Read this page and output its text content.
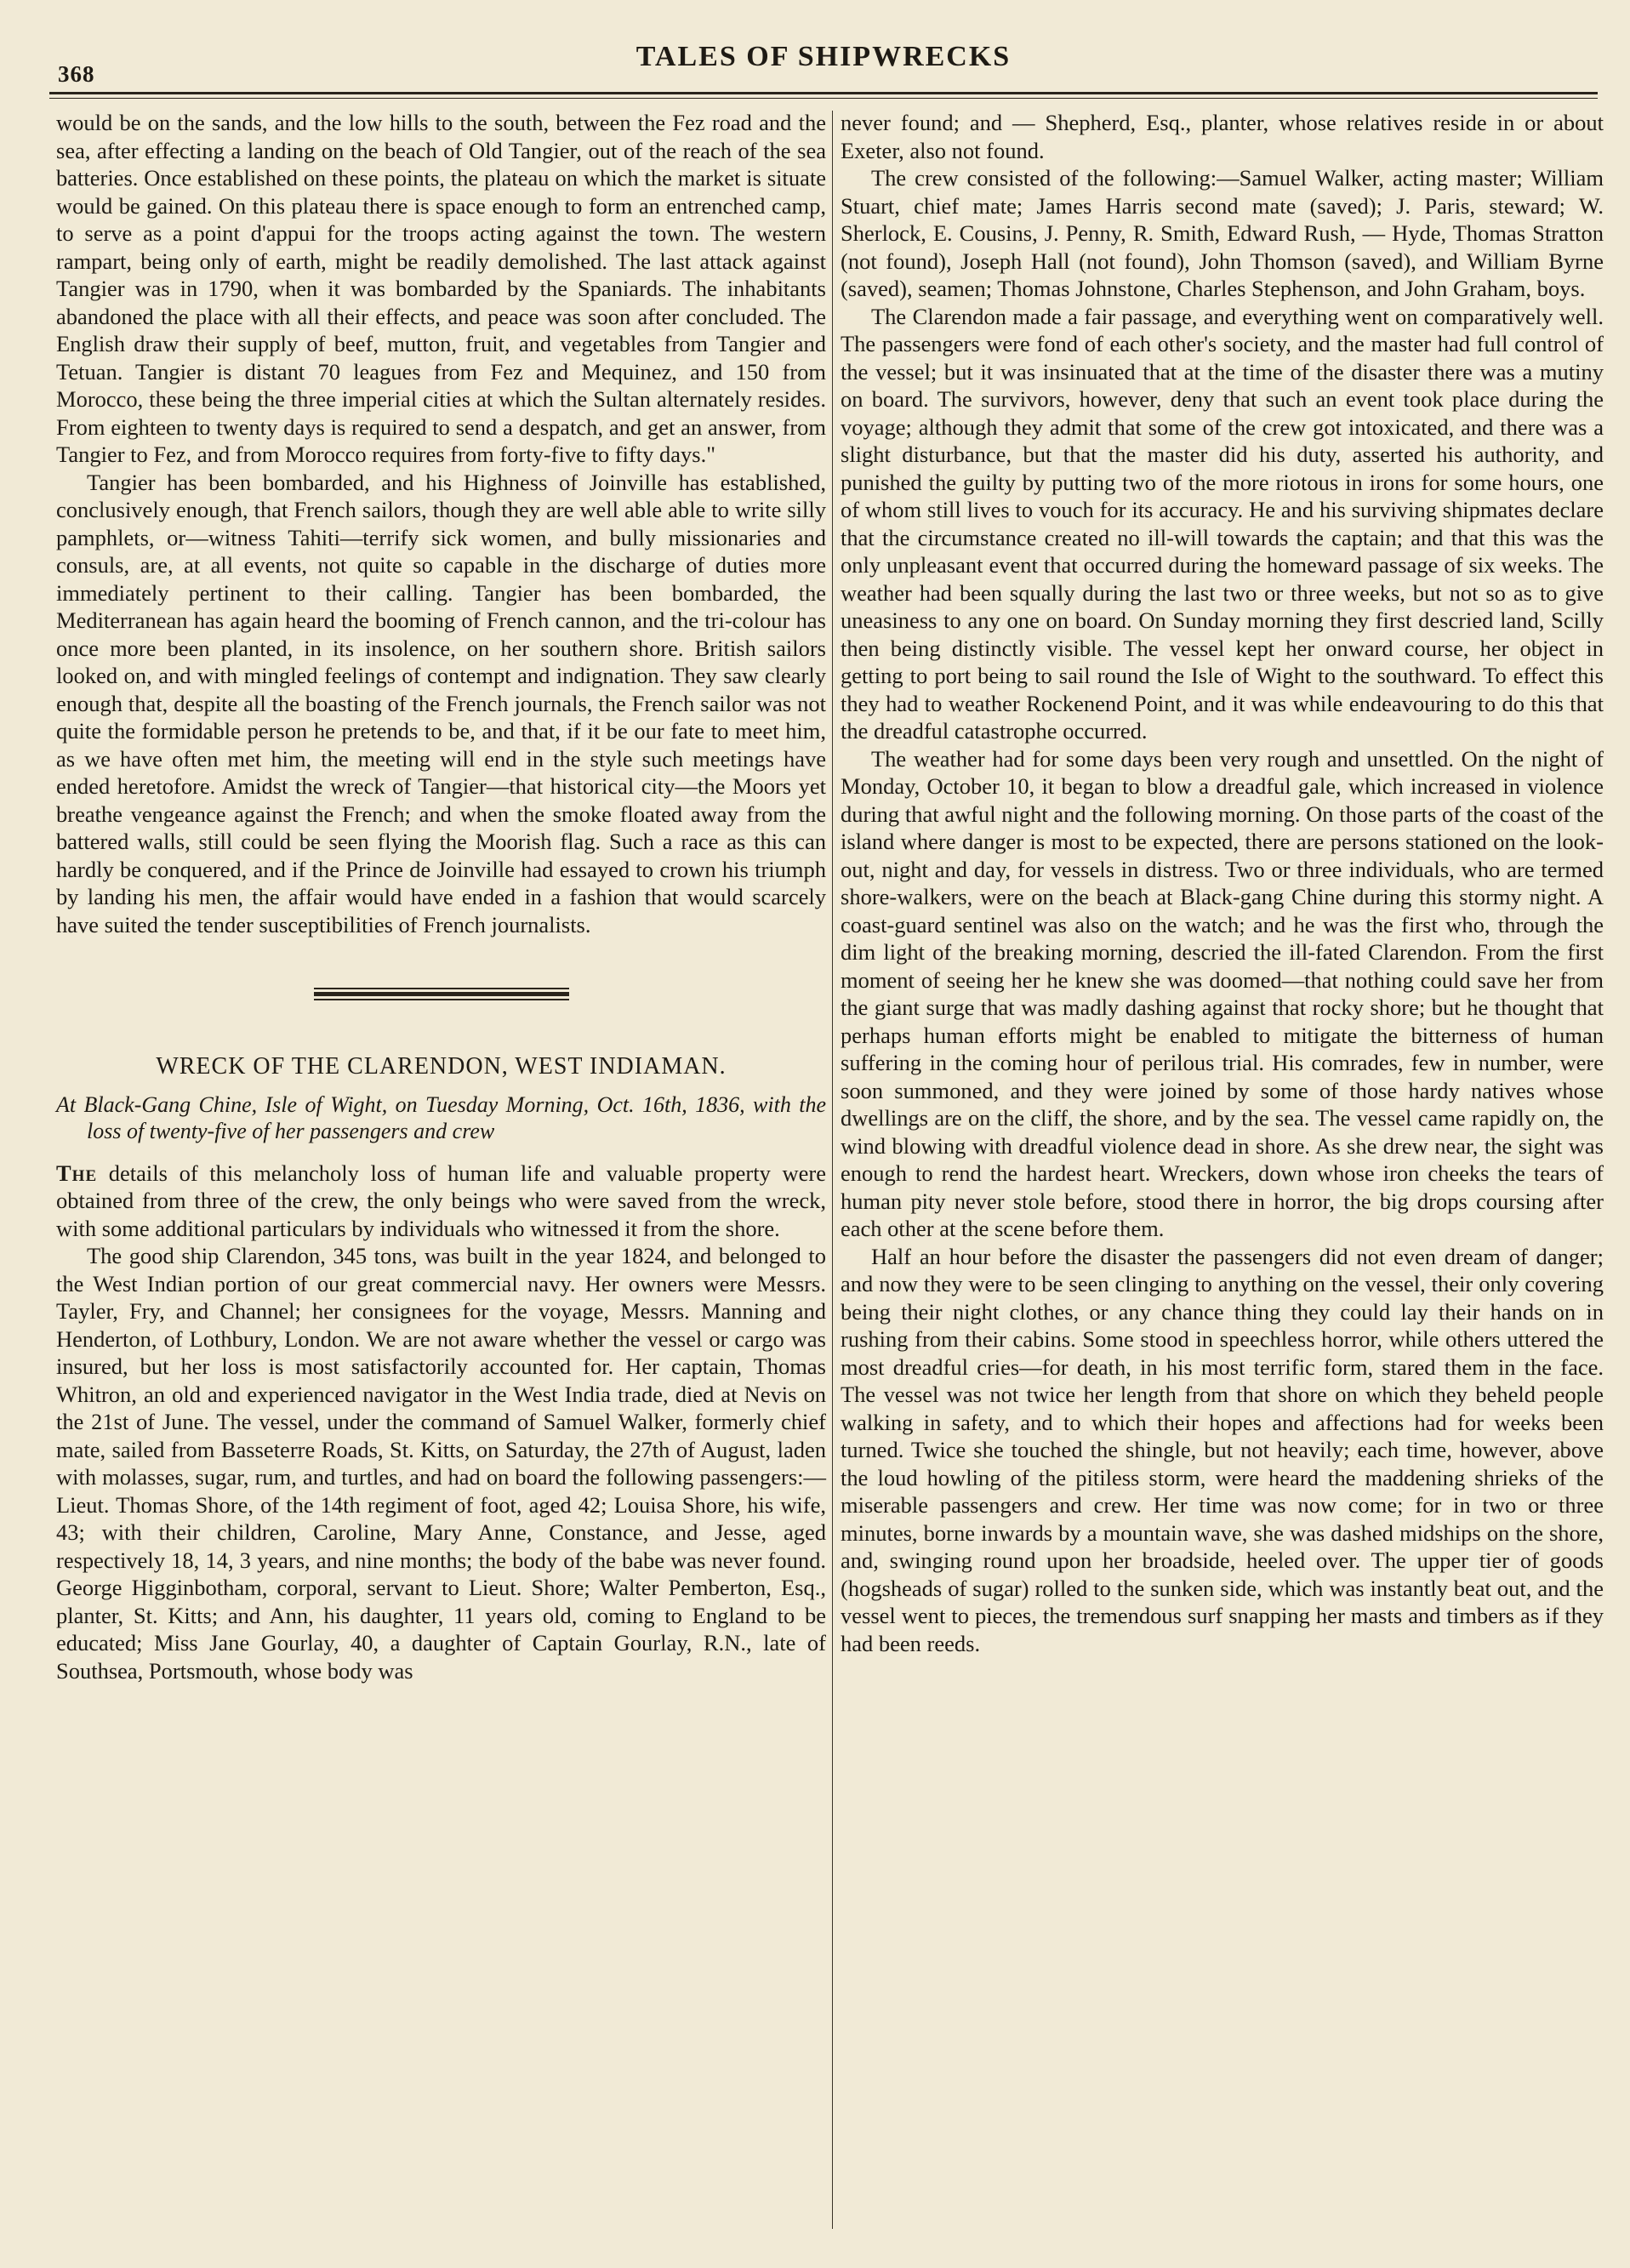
368
TALES OF SHIPWRECKS

would be on the sands, and the low hills to the south, between the Fez road and the sea, after effecting a landing on the beach of Old Tangier, out of the reach of the sea batteries. Once established on these points, the plateau on which the market is situate would be gained. On this plateau there is space enough to form an entrenched camp, to serve as a point d'appui for the troops acting against the town. The western rampart, being only of earth, might be readily demolished. The last attack against Tangier was in 1790, when it was bombarded by the Spaniards. The inhabitants abandoned the place with all their effects, and peace was soon after concluded. The English draw their supply of beef, mutton, fruit, and vegetables from Tangier and Tetuan. Tangier is distant 70 leagues from Fez and Mequinez, and 150 from Morocco, these being the three imperial cities at which the Sultan alternately resides. From eighteen to twenty days is required to send a despatch, and get an answer, from Tangier to Fez, and from Morocco requires from forty-five to fifty days."

Tangier has been bombarded, and his Highness of Joinville has established, conclusively enough, that French sailors, though they are well able able to write silly pamphlets, or—witness Tahiti—terrify sick women, and bully missionaries and consuls, are, at all events, not quite so capable in the discharge of duties more immediately pertinent to their calling. Tangier has been bombarded, the Mediterranean has again heard the booming of French cannon, and the tri-colour has once more been planted, in its insolence, on her southern shore. British sailors looked on, and with mingled feelings of contempt and indignation. They saw clearly enough that, despite all the boasting of the French journals, the French sailor was not quite the formidable person he pretends to be, and that, if it be our fate to meet him, as we have often met him, the meeting will end in the style such meetings have ended heretofore. Amidst the wreck of Tangier—that historical city—the Moors yet breathe vengeance against the French; and when the smoke floated away from the battered walls, still could be seen flying the Moorish flag. Such a race as this can hardly be conquered, and if the Prince de Joinville had essayed to crown his triumph by landing his men, the affair would have ended in a fashion that would scarcely have suited the tender susceptibilities of French journalists.

WRECK OF THE CLARENDON, WEST INDIAMAN.
At Black-Gang Chine, Isle of Wight, on Tuesday Morning, Oct. 16th, 1836, with the loss of twenty-five of her passengers and crew

The details of this melancholy loss of human life and valuable property were obtained from three of the crew, the only beings who were saved from the wreck, with some additional particulars by individuals who witnessed it from the shore.

The good ship Clarendon, 345 tons, was built in the year 1824, and belonged to the West Indian portion of our great commercial navy. Her owners were Messrs. Tayler, Fry, and Channel; her consignees for the voyage, Messrs. Manning and Henderton, of Lothbury, London. We are not aware whether the vessel or cargo was insured, but her loss is most satisfactorily accounted for. Her captain, Thomas Whitron, an old and experienced navigator in the West India trade, died at Nevis on the 21st of June. The vessel, under the command of Samuel Walker, formerly chief mate, sailed from Basseterre Roads, St. Kitts, on Saturday, the 27th of August, laden with molasses, sugar, rum, and turtles, and had on board the following passengers:—Lieut. Thomas Shore, of the 14th regiment of foot, aged 42; Louisa Shore, his wife, 43; with their children, Caroline, Mary Anne, Constance, and Jesse, aged respectively 18, 14, 3 years, and nine months; the body of the babe was never found. George Higginbotham, corporal, servant to Lieut. Shore; Walter Pemberton, Esq., planter, St. Kitts; and Ann, his daughter, 11 years old, coming to England to be educated; Miss Jane Gourlay, 40, a daughter of Captain Gourlay, R.N., late of Southsea, Portsmouth, whose body was

never found; and — Shepherd, Esq., planter, whose relatives reside in or about Exeter, also not found.

The crew consisted of the following:—Samuel Walker, acting master; William Stuart, chief mate; James Harris second mate (saved); J. Paris, steward; W. Sherlock, E. Cousins, J. Penny, R. Smith, Edward Rush, — Hyde, Thomas Stratton (not found), Joseph Hall (not found), John Thomson (saved), and William Byrne (saved), seamen; Thomas Johnstone, Charles Stephenson, and John Graham, boys.

The Clarendon made a fair passage, and everything went on comparatively well. The passengers were fond of each other's society, and the master had full control of the vessel; but it was insinuated that at the time of the disaster there was a mutiny on board. The survivors, however, deny that such an event took place during the voyage; although they admit that some of the crew got intoxicated, and there was a slight disturbance, but that the master did his duty, asserted his authority, and punished the guilty by putting two of the more riotous in irons for some hours, one of whom still lives to vouch for its accuracy. He and his surviving shipmates declare that the circumstance created no ill-will towards the captain; and that this was the only unpleasant event that occurred during the homeward passage of six weeks. The weather had been squally during the last two or three weeks, but not so as to give uneasiness to any one on board. On Sunday morning they first descried land, Scilly then being distinctly visible. The vessel kept her onward course, her object in getting to port being to sail round the Isle of Wight to the southward. To effect this they had to weather Rockenend Point, and it was while endeavouring to do this that the dreadful catastrophe occurred.

The weather had for some days been very rough and unsettled. On the night of Monday, October 10, it began to blow a dreadful gale, which increased in violence during that awful night and the following morning. On those parts of the coast of the island where danger is most to be expected, there are persons stationed on the look-out, night and day, for vessels in distress. Two or three individuals, who are termed shore-walkers, were on the beach at Black-gang Chine during this stormy night. A coast-guard sentinel was also on the watch; and he was the first who, through the dim light of the breaking morning, descried the ill-fated Clarendon. From the first moment of seeing her he knew she was doomed—that nothing could save her from the giant surge that was madly dashing against that rocky shore; but he thought that perhaps human efforts might be enabled to mitigate the bitterness of human suffering in the coming hour of perilous trial. His comrades, few in number, were soon summoned, and they were joined by some of those hardy natives whose dwellings are on the cliff, the shore, and by the sea. The vessel came rapidly on, the wind blowing with dreadful violence dead in shore. As she drew near, the sight was enough to rend the hardest heart. Wreckers, down whose iron cheeks the tears of human pity never stole before, stood there in horror, the big drops coursing after each other at the scene before them.

Half an hour before the disaster the passengers did not even dream of danger; and now they were to be seen clinging to anything on the vessel, their only covering being their night clothes, or any chance thing they could lay their hands on in rushing from their cabins. Some stood in speechless horror, while others uttered the most dreadful cries—for death, in his most terrific form, stared them in the face. The vessel was not twice her length from that shore on which they beheld people walking in safety, and to which their hopes and affections had for weeks been turned. Twice she touched the shingle, but not heavily; each time, however, above the loud howling of the pitiless storm, were heard the maddening shrieks of the miserable passengers and crew. Her time was now come; for in two or three minutes, borne inwards by a mountain wave, she was dashed midships on the shore, and, swinging round upon her broadside, heeled over. The upper tier of goods (hogsheads of sugar) rolled to the sunken side, which was instantly beat out, and the vessel went to pieces, the tremendous surf snapping her masts and timbers as if they had been reeds.
